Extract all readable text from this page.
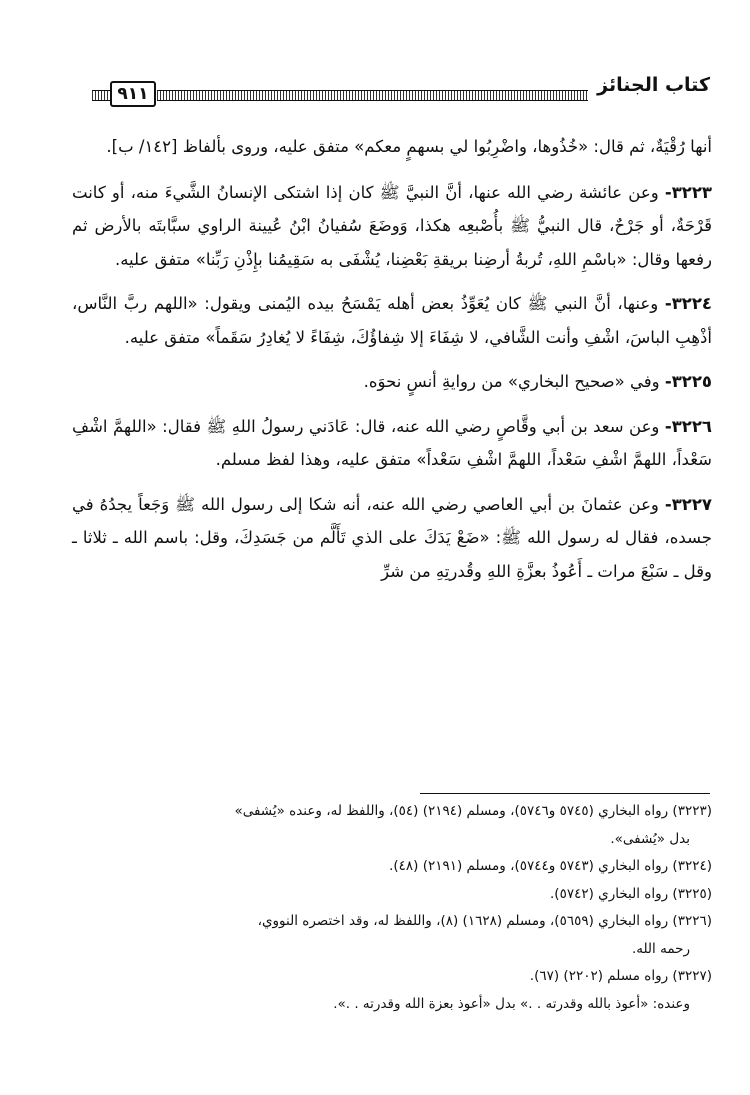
كتاب الجنائز
٩١١

أنها رُقْيَةٌ، ثم قال: «خُذُوها، واضْرِبُوا لي بسهمٍ معكم» متفق عليه، وروى بألفاظ [١٤٢/ ب].

٣٢٢٣- وعن عائشة رضي الله عنها، أنَّ النبيَّ ﷺ كان إذا اشتكى الإنسانُ الشَّيءَ منه، أو كانت قَرْحَةٌ، أو جَرْحٌ، قال النبيُّ ﷺ بأُصْبعِه هكذا، وَوضَعَ سُفيانُ ابْنُ عُيينة الراوي سبَّابتَه بالأرض ثم رفعها وقال: «باسْمِ اللهِ، تُربةُ أرضِنا بريقةِ بَعْضِنا، يُشْفَى به سَقِيمُنا بإِذْنِ رَبِّنا» متفق عليه.

٣٢٢٤- وعنها، أنَّ النبي ﷺ كان يُعَوِّذُ بعض أهله يَمْسَحُ بيده اليُمنى ويقول: «اللهم ربَّ النَّاس، أذْهِبِ الباسَ، اشْفِ وأنت الشَّافي، لا شِفَاءَ إلا شِفاؤُكَ، شِفَاءً لا يُغادِرُ سَقَماً» متفق عليه.

٣٢٢٥- وفي «صحيح البخاري» من روايةِ أنسٍ نحوَه.

٣٢٢٦- وعن سعد بن أبي وقَّاصٍ رضي الله عنه، قال: عَادَني رسولُ اللهِ ﷺ فقال: «اللهمَّ اشْفِ سَعْداً، اللهمَّ اشْفِ سَعْداً، اللهمَّ اشْفِ سَعْداً» متفق عليه، وهذا لفظ مسلم.

٣٢٢٧- وعن عثمانَ بن أبي العاصي رضي الله عنه، أنه شكا إلى رسول الله ﷺ وَجَعاً يجدُهُ في جسده، فقال له رسول الله ﷺ: «ضَعْ يَدَكَ على الذي تَأَلَّم من جَسَدِكَ، وقل: باسم الله ـ ثلاثا ـ وقل ـ سَبْعَ مرات ـ أَعُوذُ بعزَّةِ اللهِ وقُدرتِهِ من شرِّ

(٣٢٢٣) رواه البخاري (٥٧٤٥ و٥٧٤٦)، ومسلم (٢١٩٤) (٥٤)، واللفظ له، وعنده «يُشفى»
بدل «يُشفى».

(٣٢٢٤) رواه البخاري (٥٧٤٣ و٥٧٤٤)، ومسلم (٢١٩١) (٤٨).

(٣٢٢٥) رواه البخاري (٥٧٤٢).

(٣٢٢٦) رواه البخاري (٥٦٥٩)، ومسلم (١٦٢٨) (٨)، واللفظ له، وقد اختصره النووي،
رحمه الله.

(٣٢٢٧) رواه مسلم (٢٢٠٢) (٦٧).

وعنده: «أعوذ بالله وقدرته . .» بدل «أعوذ بعزة الله وقدرته . .».
